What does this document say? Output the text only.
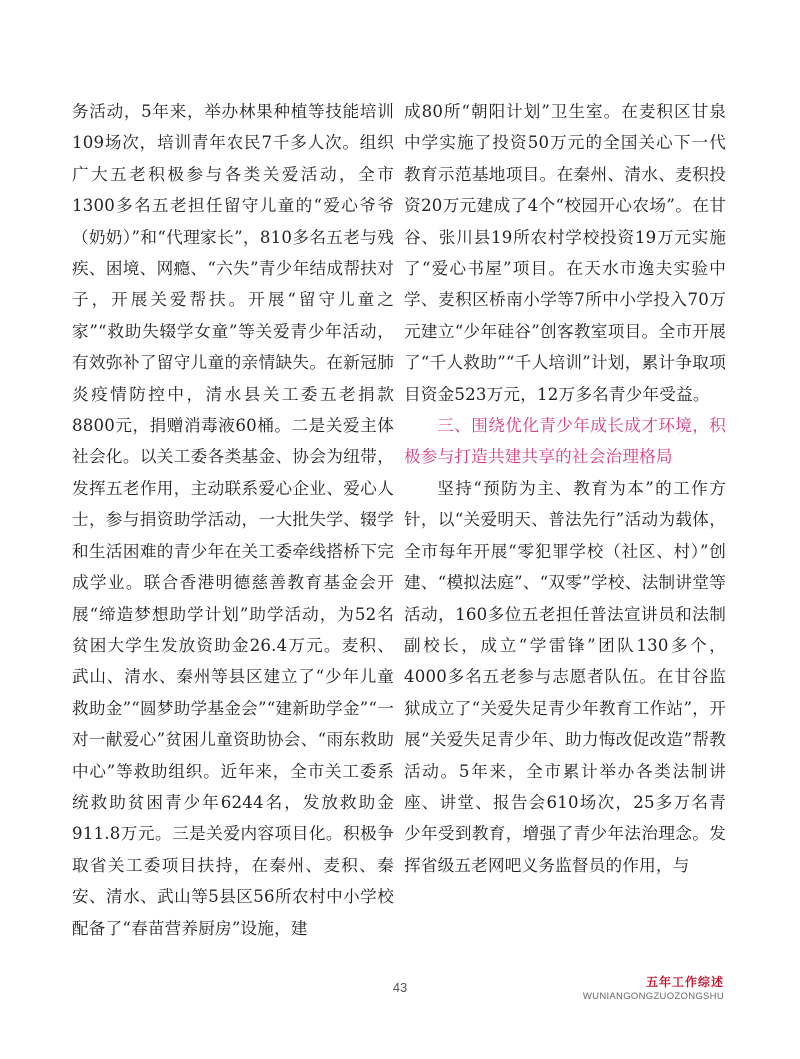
务活动，5年来，举办林果种植等技能培训109场次，培训青年农民7千多人次。组织广大五老积极参与各类关爱活动，全市1300多名五老担任留守儿童的“爱心爷爷（奶奶）”和“代理家长”，810多名五老与残疾、困境、网瘾、“六失”青少年结成帮扶对子，开展关爱帮扶。开展“留守儿童之家”“救助失辍学女童”等关爱青少年活动，有效弥补了留守儿童的亲情缺失。在新冠肺炎疫情防控中，清水县关工委五老捐款8800元，捐赠消毒液60桶。二是关爱主体社会化。以关工委各类基金、协会为纽带，发挥五老作用，主动联系爱心企业、爱心人士，参与捐资助学活动，一大批失学、辍学和生活困难的青少年在关工委牵线搭桥下完成学业。联合香港明德慈善教育基金会开展“缔造梦想助学计划”助学活动，为52名贫困大学生发放资助金26.4万元。麦积、武山、清水、秦州等县区建立了“少年儿童救助金”“圆梦助学基金会”“建新助学金”“一对一献爱心”贫困儿童资助协会、“雨东救助中心”等救助组织。近年来，全市关工委系统救助贫困青少年6244名，发放救助金911.8万元。三是关爱内容项目化。积极争取省关工委项目扶持，在秦州、麦积、秦安、清水、武山等5县区56所农村中小学校配备了“春苗营养厨房”设施，建

成80所“朝阳计划”卫生室。在麦积区甘泉中学实施了投资50万元的全国关心下一代教育示范基地项目。在秦州、清水、麦积投资20万元建成了4个“校园开心农场”。在甘谷、张川县19所农村学校投资19万元实施了“爱心书屋”项目。在天水市逸夫实验中学、麦积区桥南小学等7所中小学投入70万元建立“少年硅谷”创客教室项目。全市开展了“千人救助”“千人培训”计划，累计争取项目资金523万元，12万多名青少年受益。

三、围绕优化青少年成长成才环境，积极参与打造共建共享的社会治理格局

坚持“预防为主、教育为本”的工作方针，以“关爱明天、普法先行”活动为载体，全市每年开展“零犯罪学校（社区、村）”创建、“模拟法庭”、“双零”学校、法制讲堂等活动，160多位五老担任普法宣讲员和法制副校长，成立“学雷锋”团队130多个，4000多名五老参与志愿者队伍。在甘谷监狱成立了“关爱失足青少年教育工作站”，开展“关爱失足青少年、助力悔改促改造”帮教活动。5年来，全市累计举办各类法制讲座、讲堂、报告会610场次，25多万名青少年受到教育，增强了青少年法治理念。发挥省级五老网吧义务监督员的作用，与

43	五年工作综述
WUNIANGONGZUOZONGSHU
